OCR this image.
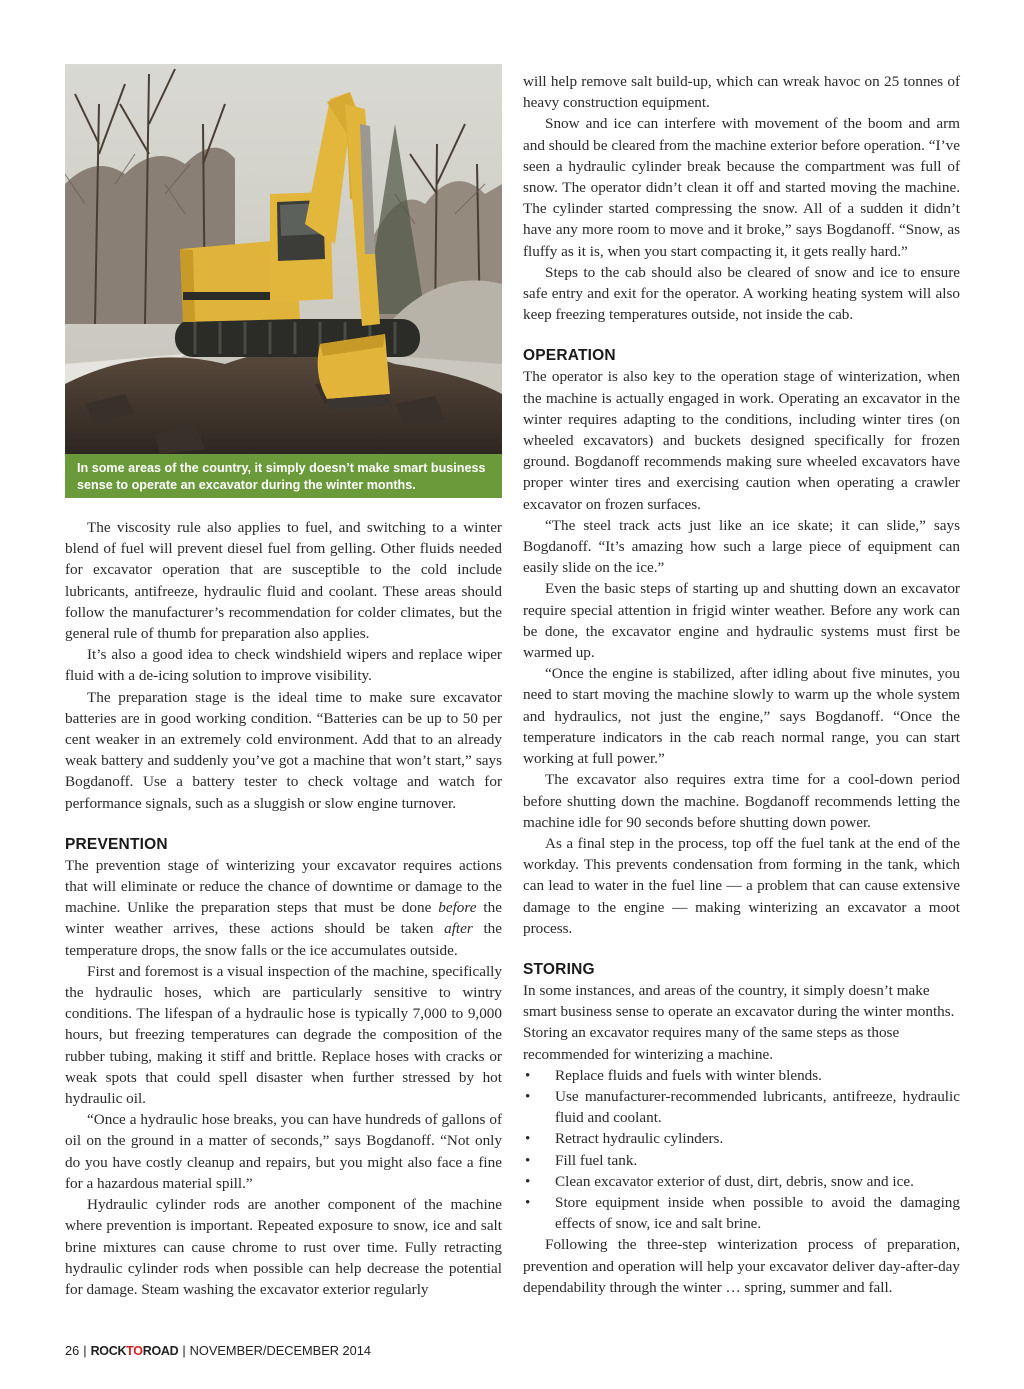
In some areas of the country, it simply doesn’t make smart business sense to operate an excavator during the winter months.

The viscosity rule also applies to fuel, and switching to a winter blend of fuel will prevent diesel fuel from gelling. Other fluids needed for excavator operation that are susceptible to the cold include lubricants, antifreeze, hydraulic fluid and coolant. These areas should follow the manufacturer’s recommendation for colder climates, but the general rule of thumb for preparation also applies.

It’s also a good idea to check windshield wipers and replace wiper fluid with a de-icing solution to improve visibility.

The preparation stage is the ideal time to make sure excavator batteries are in good working condition. “Batteries can be up to 50 per cent weaker in an extremely cold environment. Add that to an already weak battery and suddenly you’ve got a machine that won’t start,” says Bogdanoff. Use a battery tester to check voltage and watch for performance signals, such as a sluggish or slow engine turnover.

PREVENTION

The prevention stage of winterizing your excavator requires actions that will eliminate or reduce the chance of downtime or damage to the machine. Unlike the preparation steps that must be done before the winter weather arrives, these actions should be taken after the temperature drops, the snow falls or the ice accumulates outside.

First and foremost is a visual inspection of the machine, specifically the hydraulic hoses, which are particularly sensitive to wintry conditions. The lifespan of a hydraulic hose is typically 7,000 to 9,000 hours, but freezing temperatures can degrade the composition of the rubber tubing, making it stiff and brittle. Replace hoses with cracks or weak spots that could spell disaster when further stressed by hot hydraulic oil.

“Once a hydraulic hose breaks, you can have hundreds of gallons of oil on the ground in a matter of seconds,” says Bogdanoff. “Not only do you have costly cleanup and repairs, but you might also face a fine for a hazardous material spill.”

Hydraulic cylinder rods are another component of the machine where prevention is important. Repeated exposure to snow, ice and salt brine mixtures can cause chrome to rust over time. Fully retracting hydraulic cylinder rods when possible can help decrease the potential for damage. Steam washing the excavator exterior regularly

will help remove salt build-up, which can wreak havoc on 25 tonnes of heavy construction equipment.

Snow and ice can interfere with movement of the boom and arm and should be cleared from the machine exterior before operation. “I’ve seen a hydraulic cylinder break because the compartment was full of snow. The operator didn’t clean it off and started moving the machine. The cylinder started compressing the snow. All of a sudden it didn’t have any more room to move and it broke,” says Bogdanoff. “Snow, as fluffy as it is, when you start compacting it, it gets really hard.”

Steps to the cab should also be cleared of snow and ice to ensure safe entry and exit for the operator. A working heating system will also keep freezing temperatures outside, not inside the cab.

OPERATION

The operator is also key to the operation stage of winterization, when the machine is actually engaged in work. Operating an excavator in the winter requires adapting to the conditions, including winter tires (on wheeled excavators) and buckets designed specifically for frozen ground. Bogdanoff recommends making sure wheeled excavators have proper winter tires and exercising caution when operating a crawler excavator on frozen surfaces.

“The steel track acts just like an ice skate; it can slide,” says Bogdanoff. “It’s amazing how such a large piece of equipment can easily slide on the ice.”

Even the basic steps of starting up and shutting down an excavator require special attention in frigid winter weather. Before any work can be done, the excavator engine and hydraulic systems must first be warmed up.

“Once the engine is stabilized, after idling about five minutes, you need to start moving the machine slowly to warm up the whole system and hydraulics, not just the engine,” says Bogdanoff. “Once the temperature indicators in the cab reach normal range, you can start working at full power.”

The excavator also requires extra time for a cool-down period before shutting down the machine. Bogdanoff recommends letting the machine idle for 90 seconds before shutting down power.

As a final step in the process, top off the fuel tank at the end of the workday. This prevents condensation from forming in the tank, which can lead to water in the fuel line — a problem that can cause extensive damage to the engine — making winterizing an excavator a moot process.

STORING

In some instances, and areas of the country, it simply doesn’t make smart business sense to operate an excavator during the winter months. Storing an excavator requires many of the same steps as those recommended for winterizing a machine.

• Replace fluids and fuels with winter blends.
• Use manufacturer-recommended lubricants, antifreeze, hydraulic fluid and coolant.
• Retract hydraulic cylinders.
• Fill fuel tank.
• Clean excavator exterior of dust, dirt, debris, snow and ice.
• Store equipment inside when possible to avoid the damaging effects of snow, ice and salt brine.

Following the three-step winterization process of preparation, prevention and operation will help your excavator deliver day-after-day dependability through the winter … spring, summer and fall.

26 | ROCKTOROAD | NOVEMBER/DECEMBER 2014
